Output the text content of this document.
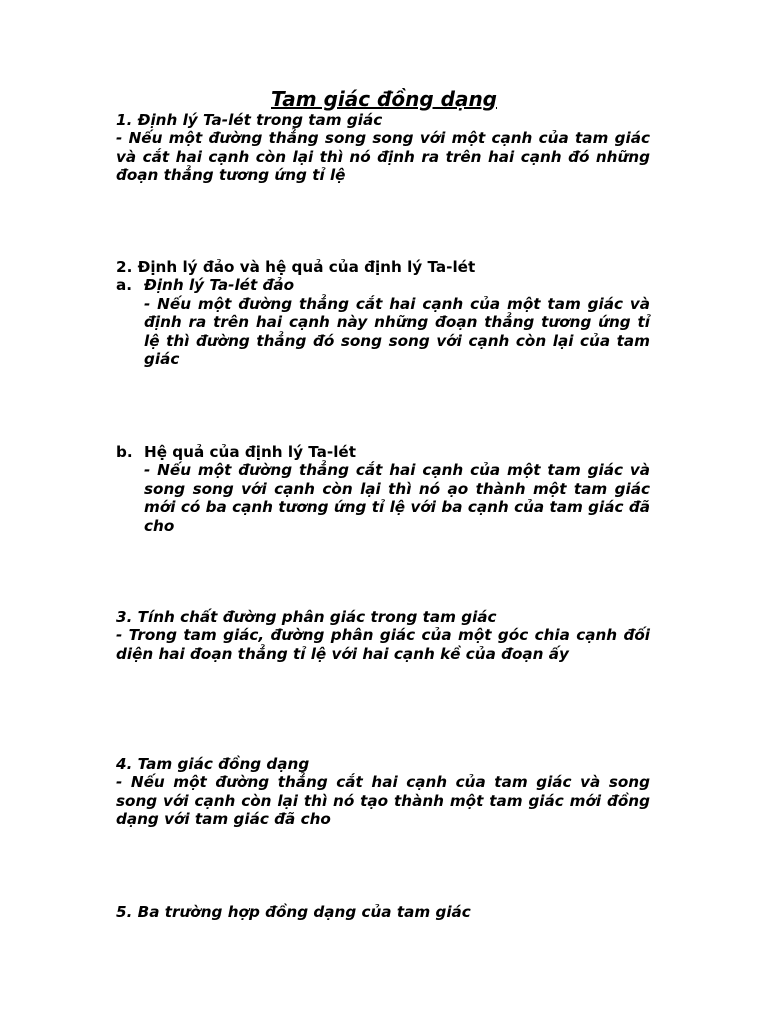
Tam giác đồng dạng
1. Định lý Ta-lét trong tam giác
- Nếu một đường thẳng song song với một cạnh của tam giác và cắt hai cạnh còn lại thì nó định ra trên hai cạnh đó những đoạn thẳng tương ứng tỉ lệ
2. Định lý đảo và hệ quả của định lý Ta-lét
a. Định lý Ta-lét đảo
- Nếu một đường thẳng cắt hai cạnh của một tam giác và định ra trên hai cạnh này những đoạn thẳng tương ứng tỉ lệ thì đường thẳng đó song song với cạnh còn lại của tam giác
b. Hệ quả của định lý Ta-lét
- Nếu một đường thẳng cắt hai cạnh của một tam giác và song song với cạnh còn lại thì nó ạo thành một tam giác mới có ba cạnh tương ứng tỉ lệ với ba cạnh của tam giác đã cho
3. Tính chất đường phân giác trong tam giác
- Trong tam giác, đường phân giác của một góc chia cạnh đối diện hai đoạn thẳng tỉ lệ với hai cạnh kề của đoạn ấy
4. Tam giác đồng dạng
- Nếu một đường thẳng cắt hai cạnh của tam giác và song song với cạnh còn lại thì nó tạo thành một tam giác mới đồng dạng với tam giác đã cho
5. Ba trường hợp đồng dạng của tam giác
